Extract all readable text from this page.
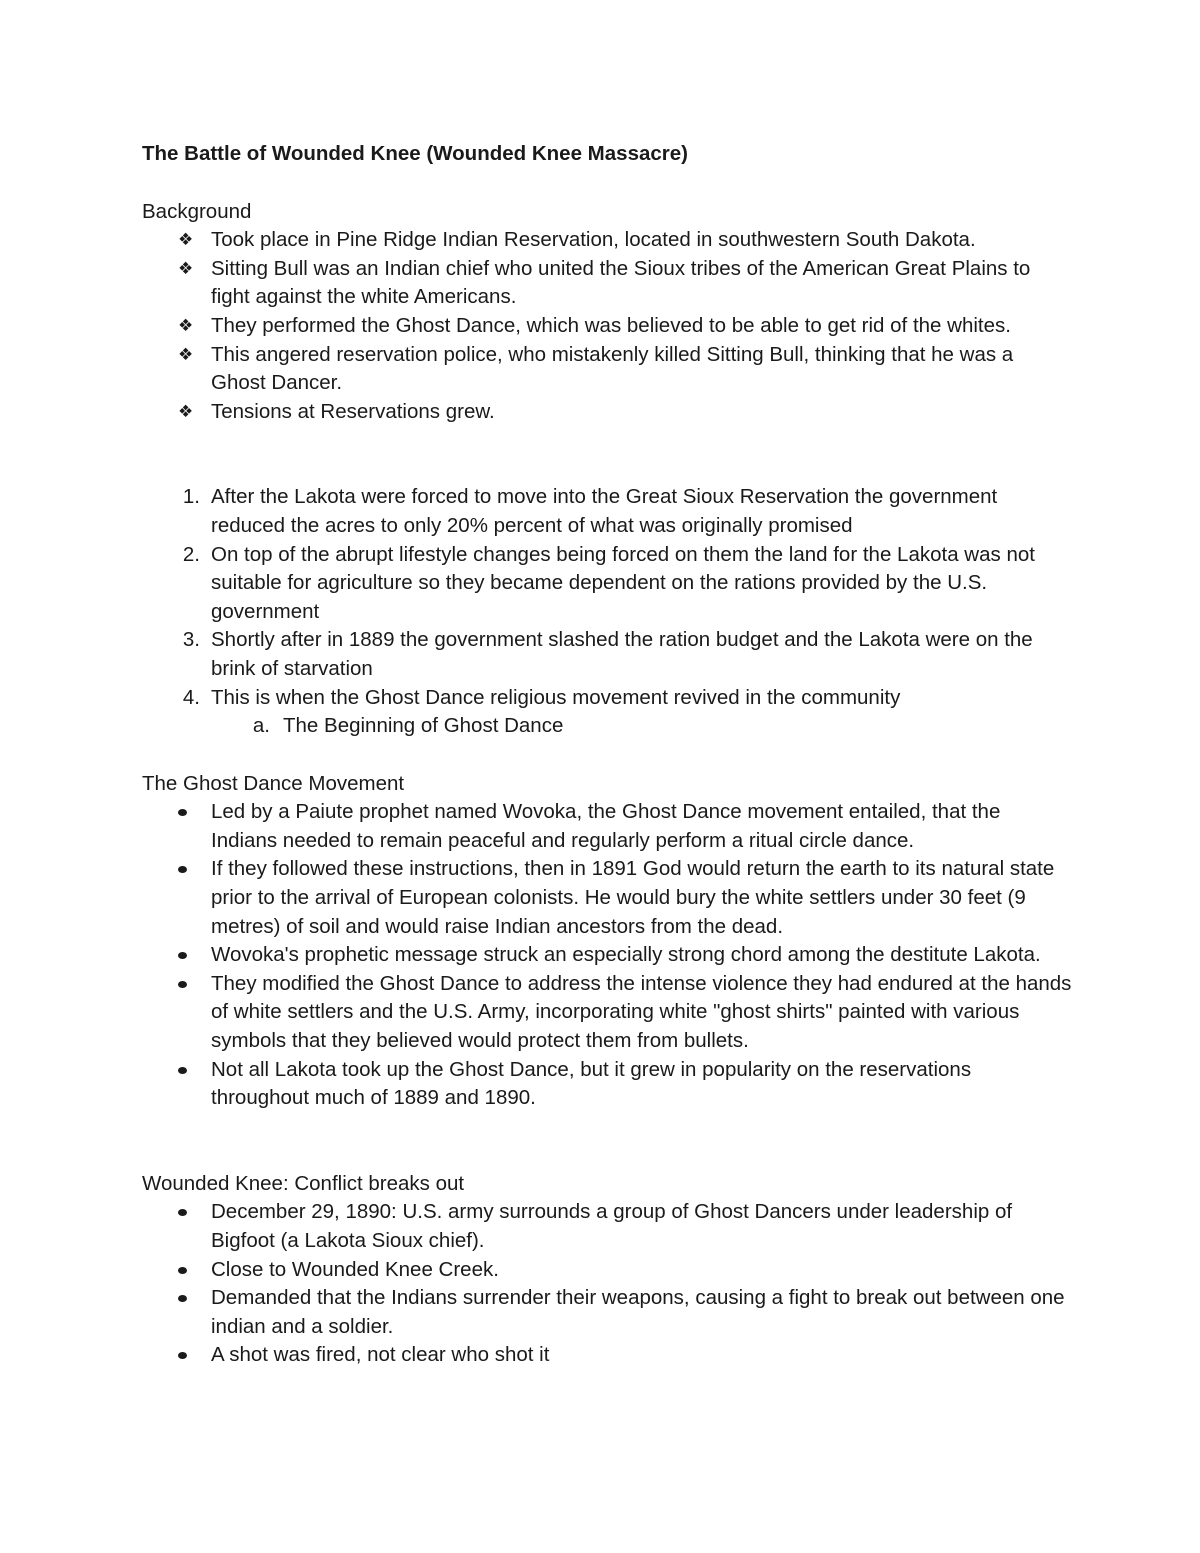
The Battle of Wounded Knee (Wounded Knee Massacre)
Background
❖ Took place in Pine Ridge Indian Reservation, located in southwestern South Dakota.
❖ Sitting Bull was an Indian chief who united the Sioux tribes of the American Great Plains to fight against the white Americans.
❖ They performed the Ghost Dance, which was believed to be able to get rid of the whites.
❖ This angered reservation police, who mistakenly killed Sitting Bull, thinking that he was a Ghost Dancer.
❖ Tensions at Reservations grew.
1. After the Lakota were forced to move into the Great Sioux Reservation the government reduced the acres to only 20% percent of what was originally promised
2. On top of the abrupt lifestyle changes being forced on them the land for the Lakota was not suitable for agriculture so they became dependent on the rations provided by the U.S. government
3. Shortly after in 1889 the government slashed the ration budget and the Lakota were on the brink of starvation
4. This is when the Ghost Dance religious movement revived in the community
a. The Beginning of Ghost Dance
The Ghost Dance Movement
Led by a Paiute prophet named Wovoka, the Ghost Dance movement entailed, that the Indians needed to remain peaceful and regularly perform a ritual circle dance.
If they followed these instructions, then in 1891 God would return the earth to its natural state prior to the arrival of European colonists. He would bury the white settlers under 30 feet (9 metres) of soil and would raise Indian ancestors from the dead.
Wovoka's prophetic message struck an especially strong chord among the destitute Lakota.
They modified the Ghost Dance to address the intense violence they had endured at the hands of white settlers and the U.S. Army, incorporating white "ghost shirts" painted with various symbols that they believed would protect them from bullets.
Not all Lakota took up the Ghost Dance, but it grew in popularity on the reservations throughout much of 1889 and 1890.
Wounded Knee: Conflict breaks out
December 29, 1890: U.S. army surrounds a group of Ghost Dancers under leadership of Bigfoot (a Lakota Sioux chief).
Close to Wounded Knee Creek.
Demanded that the Indians surrender their weapons, causing a fight to break out between one indian and a soldier.
A shot was fired, not clear who shot it
